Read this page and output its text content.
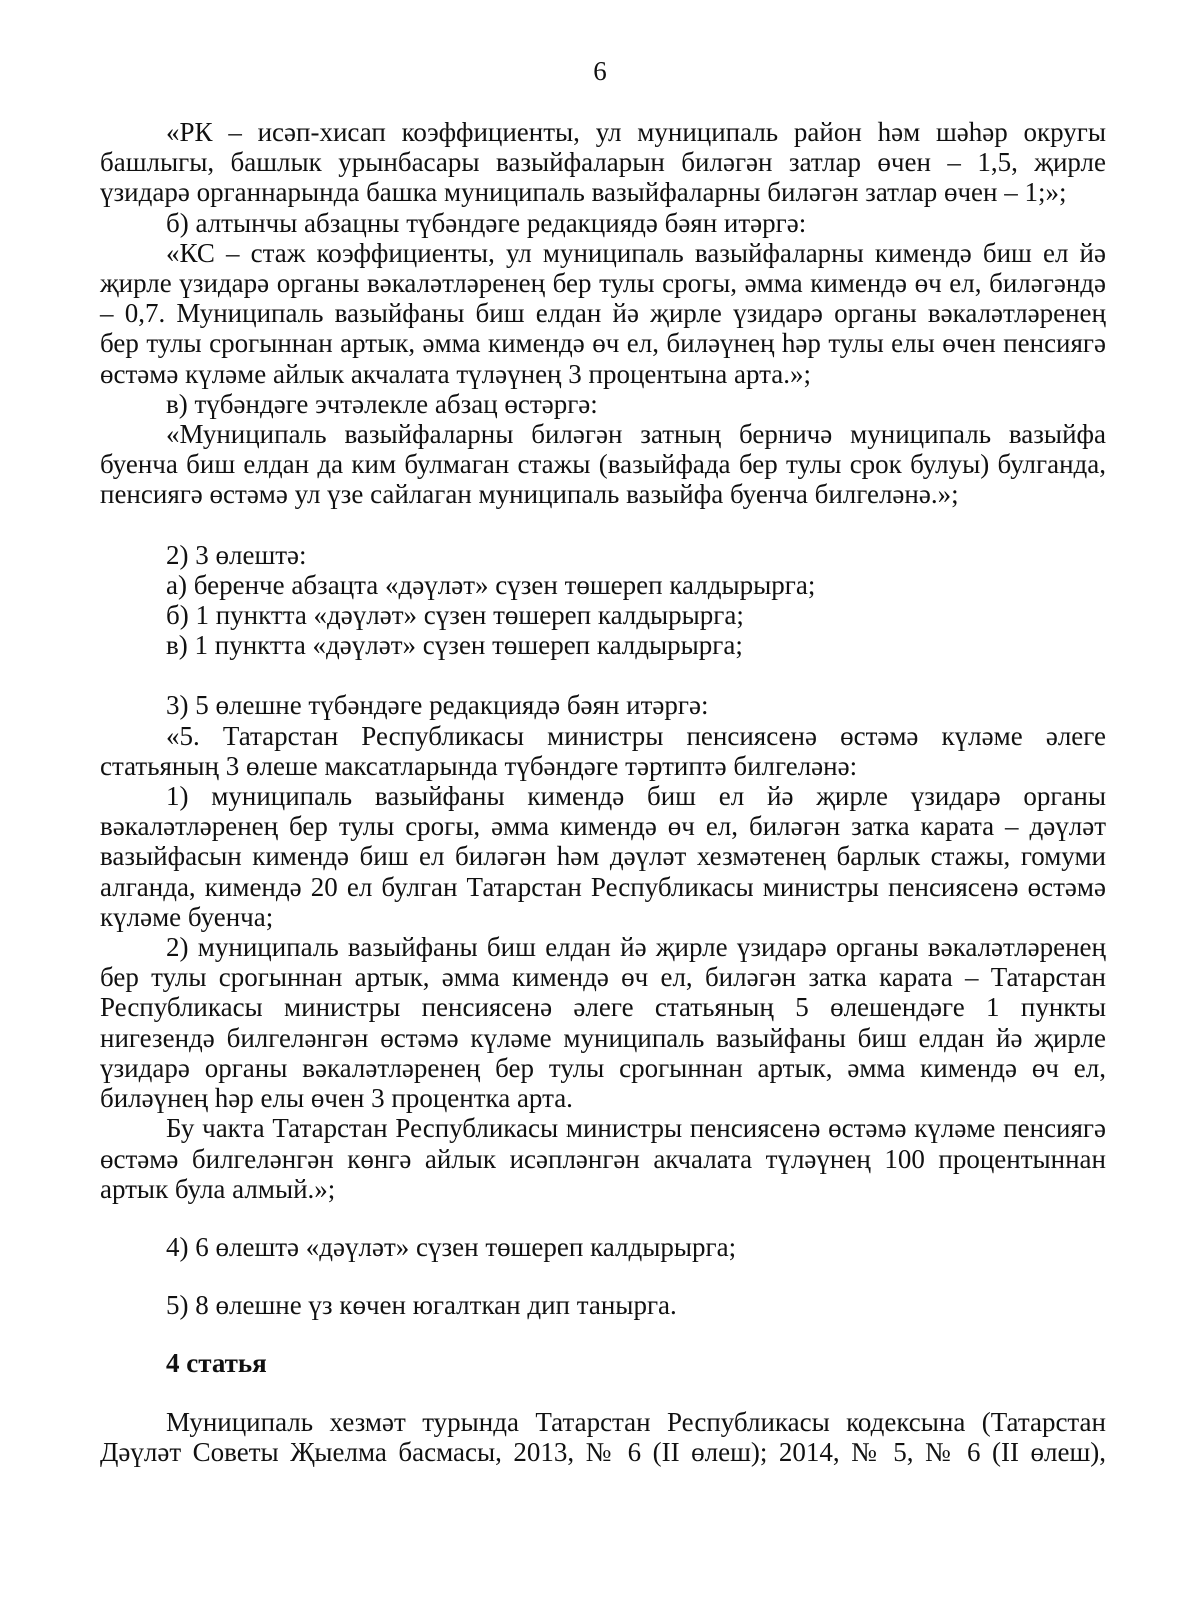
6

«РК – исәп-хисап коэффициенты, ул муниципаль район һәм шәһәр округы башлыгы, башлык урынбасары вазыйфаларын биләгән затлар өчен – 1,5, җирле үзидарә органнарында башка муниципаль вазыйфаларны биләгән затлар өчен – 1;»;

б) алтынчы абзацны түбәндәге редакциядә бәян итәргә:

«КС – стаж коэффициенты, ул муниципаль вазыйфаларны кимендә биш ел йә җирле үзидарә органы вәкаләтләренең бер тулы срогы, әмма кимендә өч ел, биләгәндә – 0,7. Муниципаль вазыйфаны биш елдан йә җирле үзидарә органы вәкаләтләренең бер тулы срогыннан артык, әмма кимендә өч ел, биләүнең һәр тулы елы өчен пенсиягә өстәмә күләме айлык акчалата түләүнең 3 процентына арта.»;

в) түбәндәге эчтәлекле абзац өстәргә:

«Муниципаль вазыйфаларны биләгән затның берничә муниципаль вазыйфа буенча биш елдан да ким булмаган стажы (вазыйфада бер тулы срок булуы) булганда, пенсиягә өстәмә ул үзе сайлаган муниципаль вазыйфа буенча билгеләнә.»;

2) 3 өлештә:

а) беренче абзацта «дәүләт» сүзен төшереп калдырырга;

б) 1 пунктта «дәүләт» сүзен төшереп калдырырга;

в) 1 пунктта «дәүләт» сүзен төшереп калдырырга;

3) 5 өлешне түбәндәге редакциядә бәян итәргә:

«5. Татарстан Республикасы министры пенсиясенә өстәмә күләме әлеге статьяның 3 өлеше максатларында түбәндәге тәртиптә билгеләнә:

1) муниципаль вазыйфаны кимендә биш ел йә җирле үзидарә органы вәкаләтләренең бер тулы срогы, әмма кимендә өч ел, биләгән затка карата – дәүләт вазыйфасын кимендә биш ел биләгән һәм дәүләт хезмәтенең барлык стажы, гомуми алганда, кимендә 20 ел булган Татарстан Республикасы министры пенсиясенә өстәмә күләме буенча;

2) муниципаль вазыйфаны биш елдан йә җирле үзидарә органы вәкаләтләренең бер тулы срогыннан артык, әмма кимендә өч ел, биләгән затка карата – Татарстан Республикасы министры пенсиясенә әлеге статьяның 5 өлешендәге 1 пункты нигезендә билгеләнгән өстәмә күләме муниципаль вазыйфаны биш елдан йә җирле үзидарә органы вәкаләтләренең бер тулы срогыннан артык, әмма кимендә өч ел, биләүнең һәр елы өчен 3 процентка арта.

Бу чакта Татарстан Республикасы министры пенсиясенә өстәмә күләме пенсиягә өстәмә билгеләнгән көнгә айлык исәпләнгән акчалата түләүнең 100 процентыннан артык була алмый.»;

4) 6 өлештә «дәүләт» сүзен төшереп калдырырга;

5) 8 өлешне үз көчен югалткан дип танырга.

4 статья

Муниципаль хезмәт турында Татарстан Республикасы кодексына (Татарстан Дәүләт Советы Җыелма басмасы, 2013, № 6 (II өлеш); 2014, № 5, № 6 (II өлеш),
